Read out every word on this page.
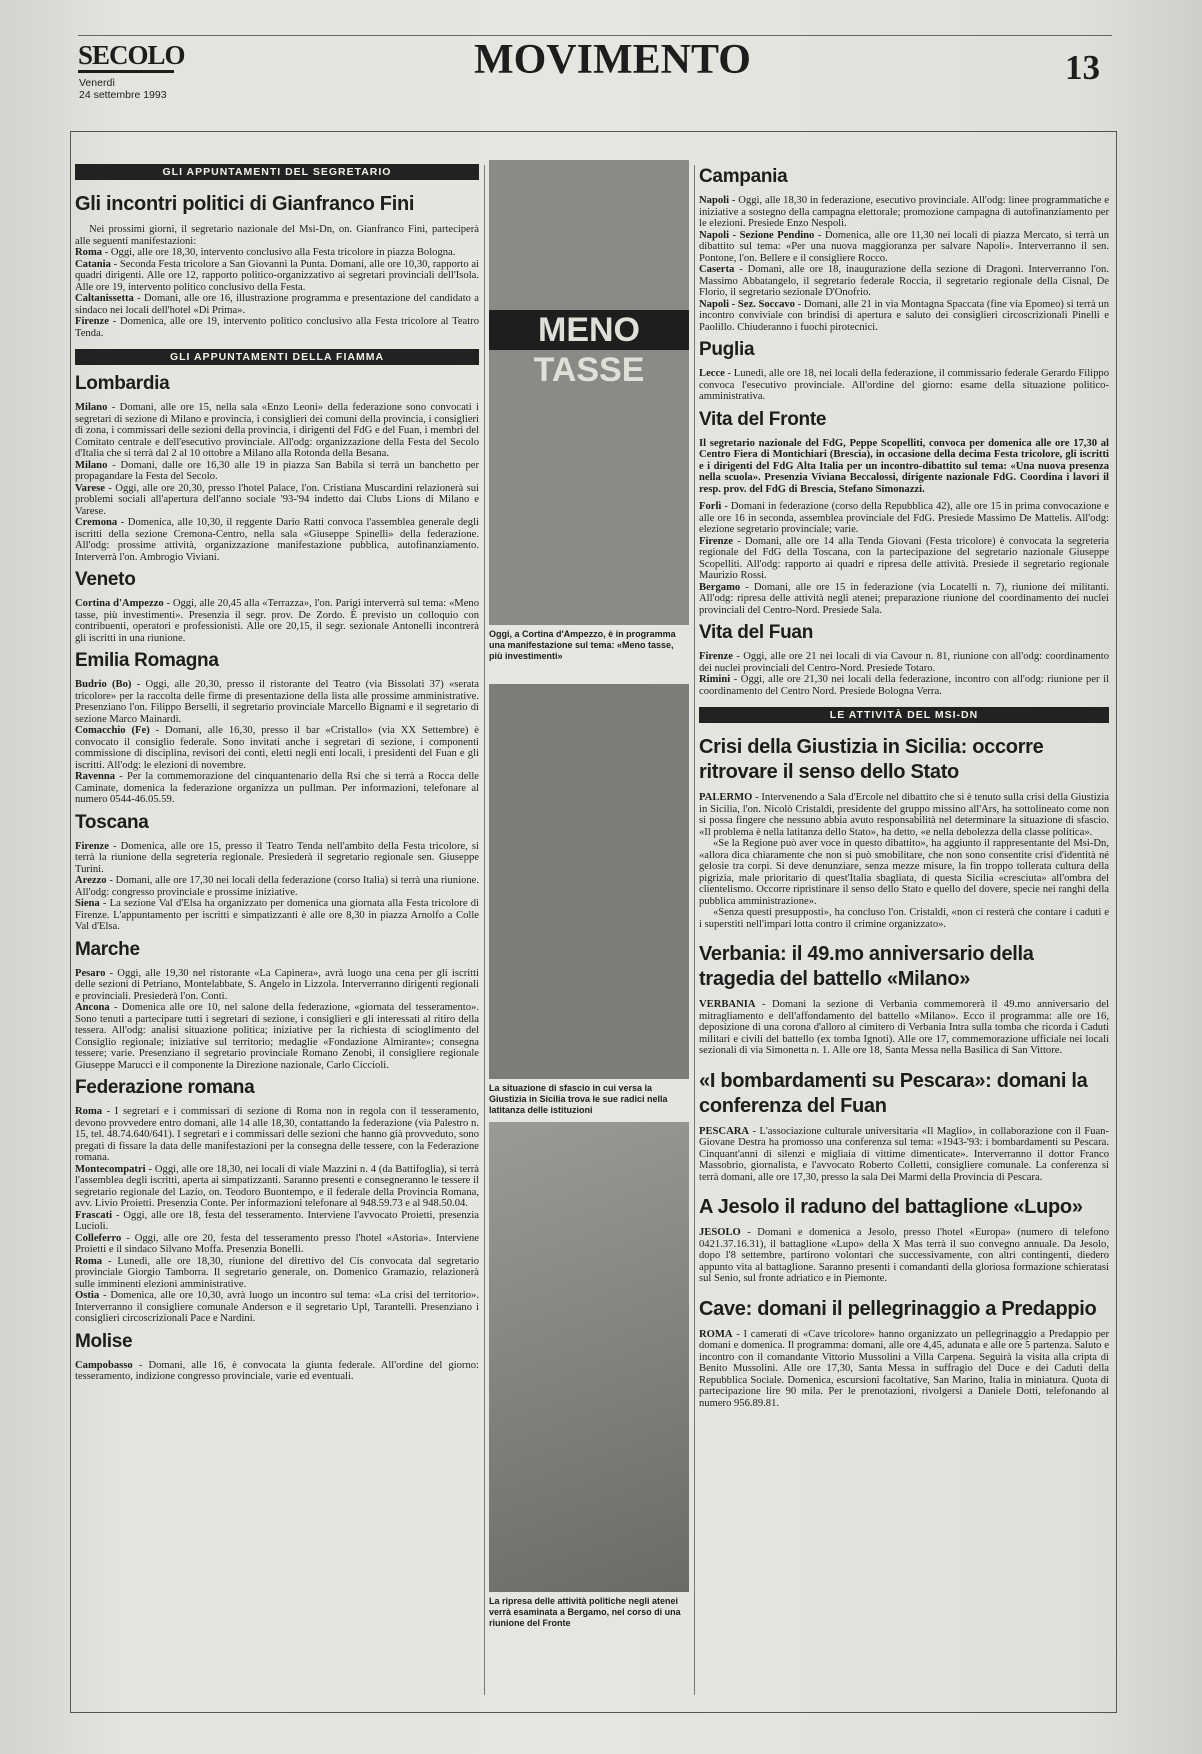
SECOLO
Venerdì
24 settembre 1993
MOVIMENTO	13
GLI APPUNTAMENTI DEL SEGRETARIO
Gli incontri politici di Gianfranco Fini

Nei prossimi giorni, il segretario nazionale del Msi-Dn, on. Gianfranco Fini, parteciperà alle seguenti manifestazioni:

Roma - Oggi, alle ore 18,30, intervento conclusivo alla Festa tricolore in piazza Bologna.

Catania - Seconda Festa tricolore a San Giovanni la Punta. Domani, alle ore 10,30, rapporto ai quadri dirigenti. Alle ore 12, rapporto politico-organizzativo ai segretari provinciali dell'Isola. Alle ore 19, intervento politico conclusivo della Festa.

Caltanissetta - Domani, alle ore 16, illustrazione programma e presentazione del candidato a sindaco nei locali dell'hotel «Di Prima».

Firenze - Domenica, alle ore 19, intervento politico conclusivo alla Festa tricolore al Teatro Tenda.

GLI APPUNTAMENTI DELLA FIAMMA
Lombardia

Milano - Domani, alle ore 15, nella sala «Enzo Leoni» della federazione sono convocati i segretari di sezione di Milano e provincia, i consiglieri dei comuni della provincia, i consiglieri di zona, i commissari delle sezioni della provincia, i dirigenti del FdG e del Fuan, i membri del Comitato centrale e dell'esecutivo provinciale. All'odg: organizzazione della Festa del Secolo d'Italia che si terrà dal 2 al 10 ottobre a Milano alla Rotonda della Besana.

Milano - Domani, dalle ore 16,30 alle 19 in piazza San Babila si terrà un banchetto per propagandare la Festa del Secolo.

Varese - Oggi, alle ore 20,30, presso l'hotel Palace, l'on. Cristiana Muscardini relazionerà sui problemi sociali all'apertura dell'anno sociale '93-'94 indetto dai Clubs Lions di Milano e Varese.

Cremona - Domenica, alle 10,30, il reggente Dario Ratti convoca l'assemblea generale degli iscritti della sezione Cremona-Centro, nella sala «Giuseppe Spinelli» della federazione. All'odg: prossime attività, organizzazione manifestazione pubblica, autofinanziamento. Interverrà l'on. Ambrogio Viviani.

Veneto

Cortina d'Ampezzo - Oggi, alle 20,45 alla «Terrazza», l'on. Parigi interverrà sul tema: «Meno tasse, più investimenti». Presenzia il segr. prov. De Zordo. È previsto un colloquio con contribuenti, operatori e professionisti. Alle ore 20,15, il segr. sezionale Antonelli incontrerà gli iscritti in una riunione.

Emilia Romagna

Budrio (Bo) - Oggi, alle 20,30, presso il ristorante del Teatro (via Bissolati 37) «serata tricolore» per la raccolta delle firme di presentazione della lista alle prossime amministrative. Presenziano l'on. Filippo Berselli, il segretario provinciale Marcello Bignami e il segretario di sezione Marco Mainardi.

Comacchio (Fe) - Domani, alle 16,30, presso il bar «Cristallo» (via XX Settembre) è convocato il consiglio federale. Sono invitati anche i segretari di sezione, i componenti commissione di disciplina, revisori dei conti, eletti negli enti locali, i presidenti del Fuan e gli iscritti. All'odg: le elezioni di novembre.

Ravenna - Per la commemorazione del cinquantenario della Rsi che si terrà a Rocca delle Caminate, domenica la federazione organizza un pullman. Per informazioni, telefonare al numero 0544-46.05.59.

Toscana

Firenze - Domenica, alle ore 15, presso il Teatro Tenda nell'ambito della Festa tricolore, si terrà la riunione della segreteria regionale. Presiederà il segretario regionale sen. Giuseppe Turini.

Arezzo - Domani, alle ore 17,30 nei locali della federazione (corso Italia) si terrà una riunione. All'odg: congresso provinciale e prossime iniziative.

Siena - La sezione Val d'Elsa ha organizzato per domenica una giornata alla Festa tricolore di Firenze. L'appuntamento per iscritti e simpatizzanti è alle ore 8,30 in piazza Arnolfo a Colle Val d'Elsa.

Marche

Pesaro - Oggi, alle 19,30 nel ristorante «La Capinera», avrà luogo una cena per gli iscritti delle sezioni di Petriano, Montelabbate, S. Angelo in Lizzola. Interverranno dirigenti regionali e provinciali. Presiederà l'on. Conti.

Ancona - Domenica alle ore 10, nel salone della federazione, «giornata del tesseramento». Sono tenuti a partecipare tutti i segretari di sezione, i consiglieri e gli interessati al ritiro della tessera. All'odg: analisi situazione politica; iniziative per la richiesta di scioglimento del Consiglio regionale; iniziative sul territorio; medaglie «Fondazione Almirante»; consegna tessere; varie. Presenziano il segretario provinciale Romano Zenobi, il consigliere regionale Giuseppe Marucci e il componente la Direzione nazionale, Carlo Ciccioli.

Federazione romana

Roma - I segretari e i commissari di sezione di Roma non in regola con il tesseramento, devono provvedere entro domani, alle 14 alle 18,30, contattando la federazione (via Palestro n. 15, tel. 48.74.640/641). I segretari e i commissari delle sezioni che hanno già provveduto, sono pregati di fissare la data delle manifestazioni per la consegna delle tessere, con la Federazione romana.

Montecompatri - Oggi, alle ore 18,30, nei locali di viale Mazzini n. 4 (da Battifoglia), si terrà l'assemblea degli iscritti, aperta ai simpatizzanti. Saranno presenti e consegneranno le tessere il segretario regionale del Lazio, on. Teodoro Buontempo, e il federale della Provincia Romana, avv. Livio Proietti. Presenzia Conte. Per informazioni telefonare al 948.59.73 e al 948.50.04.

Frascati - Oggi, alle ore 18, festa del tesseramento. Interviene l'avvocato Proietti, presenzia Lucioli.

Colleferro - Oggi, alle ore 20, festa del tesseramento presso l'hotel «Astoria». Interviene Proietti e il sindaco Silvano Moffa. Presenzia Bonelli.

Roma - Lunedì, alle ore 18,30, riunione del direttivo del Cis convocata dal segretario provinciale Giorgio Tamborra. Il segretario generale, on. Domenico Gramazio, relazionerà sulle imminenti elezioni amministrative.

Ostia - Domenica, alle ore 10,30, avrà luogo un incontro sul tema: «La crisi del territorio». Interverranno il consigliere comunale Anderson e il segretario Upl, Tarantelli. Presenziano i consiglieri circoscrizionali Pace e Nardini.

Molise

Campobasso - Domani, alle 16, è convocata la giunta federale. All'ordine del giorno: tesseramento, indizione congresso provinciale, varie ed eventuali.

MENO TASSE
Oggi, a Cortina d'Ampezzo, è in programma una manifestazione sul tema: «Meno tasse, più investimenti»
La situazione di sfascio in cui versa la Giustizia in Sicilia trova le sue radici nella latitanza delle istituzioni
La ripresa delle attività politiche negli atenei verrà esaminata a Bergamo, nel corso di una riunione del Fronte
Campania

Napoli - Oggi, alle 18,30 in federazione, esecutivo provinciale. All'odg: linee programmatiche e iniziative a sostegno della campagna elettorale; promozione campagna di autofinanziamento per le elezioni. Presiede Enzo Nespoli.

Napoli - Sezione Pendino - Domenica, alle ore 11,30 nei locali di piazza Mercato, si terrà un dibattito sul tema: «Per una nuova maggioranza per salvare Napoli». Interverranno il sen. Pontone, l'on. Bellere e il consigliere Rocco.

Caserta - Domani, alle ore 18, inaugurazione della sezione di Dragoni. Interverranno l'on. Massimo Abbatangelo, il segretario federale Roccia, il segretario regionale della Cisnal, De Florio, il segretario sezionale D'Onofrio.

Napoli - Sez. Soccavo - Domani, alle 21 in via Montagna Spaccata (fine via Epomeo) si terrà un incontro conviviale con brindisi di apertura e saluto dei consiglieri circoscrizionali Pinelli e Paolillo. Chiuderanno i fuochi pirotecnici.

Puglia

Lecce - Lunedì, alle ore 18, nei locali della federazione, il commissario federale Gerardo Filippo convoca l'esecutivo provinciale. All'ordine del giorno: esame della situazione politico-amministrativa.

Vita del Fronte

Il segretario nazionale del FdG, Peppe Scopelliti, convoca per domenica alle ore 17,30 al Centro Fiera di Montichiari (Brescia), in occasione della decima Festa tricolore, gli iscritti e i dirigenti del FdG Alta Italia per un incontro-dibattito sul tema: «Una nuova presenza nella scuola». Presenzia Viviana Beccalossi, dirigente nazionale FdG. Coordina i lavori il resp. prov. del FdG di Brescia, Stefano Simonazzi.

Forlì - Domani in federazione (corso della Repubblica 42), alle ore 15 in prima convocazione e alle ore 16 in seconda, assemblea provinciale del FdG. Presiede Massimo De Mattelis. All'odg: elezione segretario provinciale; varie.

Firenze - Domani, alle ore 14 alla Tenda Giovani (Festa tricolore) è convocata la segreteria regionale del FdG della Toscana, con la partecipazione del segretario nazionale Giuseppe Scopelliti. All'odg: rapporto ai quadri e ripresa delle attività. Presiede il segretario regionale Maurizio Rossi.

Bergamo - Domani, alle ore 15 in federazione (via Locatelli n. 7), riunione dei militanti. All'odg: ripresa delle attività negli atenei; preparazione riunione del coordinamento dei nuclei provinciali del Centro-Nord. Presiede Sala.

Vita del Fuan

Firenze - Oggi, alle ore 21 nei locali di via Cavour n. 81, riunione con all'odg: coordinamento dei nuclei provinciali del Centro-Nord. Presiede Totaro.

Rimini - Oggi, alle ore 21,30 nei locali della federazione, incontro con all'odg: riunione per il coordinamento del Centro Nord. Presiede Bologna Verra.

LE ATTIVITÀ DEL MSI-DN
Crisi della Giustizia in Sicilia: occorre ritrovare il senso dello Stato

PALERMO - Intervenendo a Sala d'Ercole nel dibattito che si è tenuto sulla crisi della Giustizia in Sicilia, l'on. Nicolò Cristaldi, presidente del gruppo missino all'Ars, ha sottolineato come non si possa fingere che nessuno abbia avuto responsabilità nel determinare la situazione di sfascio. «Il problema è nella latitanza dello Stato», ha detto, «e nella debolezza della classe politica».

«Se la Regione può aver voce in questo dibattito», ha aggiunto il rappresentante del Msi-Dn, «allora dica chiaramente che non si può smobilitare, che non sono consentite crisi d'identità né gelosie tra corpi. Si deve denunziare, senza mezze misure, la fin troppo tollerata cultura della pigrizia, male prioritario di quest'Italia sbagliata, di questa Sicilia «cresciuta» all'ombra del clientelismo. Occorre ripristinare il senso dello Stato e quello del dovere, specie nei ranghi della pubblica amministrazione».

«Senza questi presupposti», ha concluso l'on. Cristaldi, «non ci resterà che contare i caduti e i superstiti nell'impari lotta contro il crimine organizzato».

Verbania: il 49.mo anniversario della tragedia del battello «Milano»

VERBANIA - Domani la sezione di Verbania commemorerà il 49.mo anniversario del mitragliamento e dell'affondamento del battello «Milano». Ecco il programma: alle ore 16, deposizione di una corona d'alloro al cimitero di Verbania Intra sulla tomba che ricorda i Caduti militari e civili del battello (ex tomba Ignoti). Alle ore 17, commemorazione ufficiale nei locali sezionali di via Simonetta n. 1. Alle ore 18, Santa Messa nella Basilica di San Vittore.

«I bombardamenti su Pescara»: domani la conferenza del Fuan

PESCARA - L'associazione culturale universitaria «Il Maglio», in collaborazione con il Fuan-Giovane Destra ha promosso una conferenza sul tema: «1943-'93: i bombardamenti su Pescara. Cinquant'anni di silenzi e migliaia di vittime dimenticate». Interverranno il dottor Franco Massobrio, giornalista, e l'avvocato Roberto Colletti, consigliere comunale. La conferenza si terrà domani, alle ore 17,30, presso la sala Dei Marmi della Provincia di Pescara.

A Jesolo il raduno del battaglione «Lupo»

JESOLO - Domani e domenica a Jesolo, presso l'hotel «Europa» (numero di telefono 0421.37.16.31), il battaglione «Lupo» della X Mas terrà il suo convegno annuale. Da Jesolo, dopo l'8 settembre, partirono volontari che successivamente, con altri contingenti, diedero appunto vita al battaglione. Saranno presenti i comandanti della gloriosa formazione schieratasi sul Senio, sul fronte adriatico e in Piemonte.

Cave: domani il pellegrinaggio a Predappio

ROMA - I camerati di «Cave tricolore» hanno organizzato un pellegrinaggio a Predappio per domani e domenica. Il programma: domani, alle ore 4,45, adunata e alle ore 5 partenza. Saluto e incontro con il comandante Vittorio Mussolini a Villa Carpena. Seguirà la visita alla cripta di Benito Mussolini. Alle ore 17,30, Santa Messa in suffragio del Duce e dei Caduti della Repubblica Sociale. Domenica, escursioni facoltative, San Marino, Italia in miniatura. Quota di partecipazione lire 90 mila. Per le prenotazioni, rivolgersi a Daniele Dotti, telefonando al numero 956.89.81.
